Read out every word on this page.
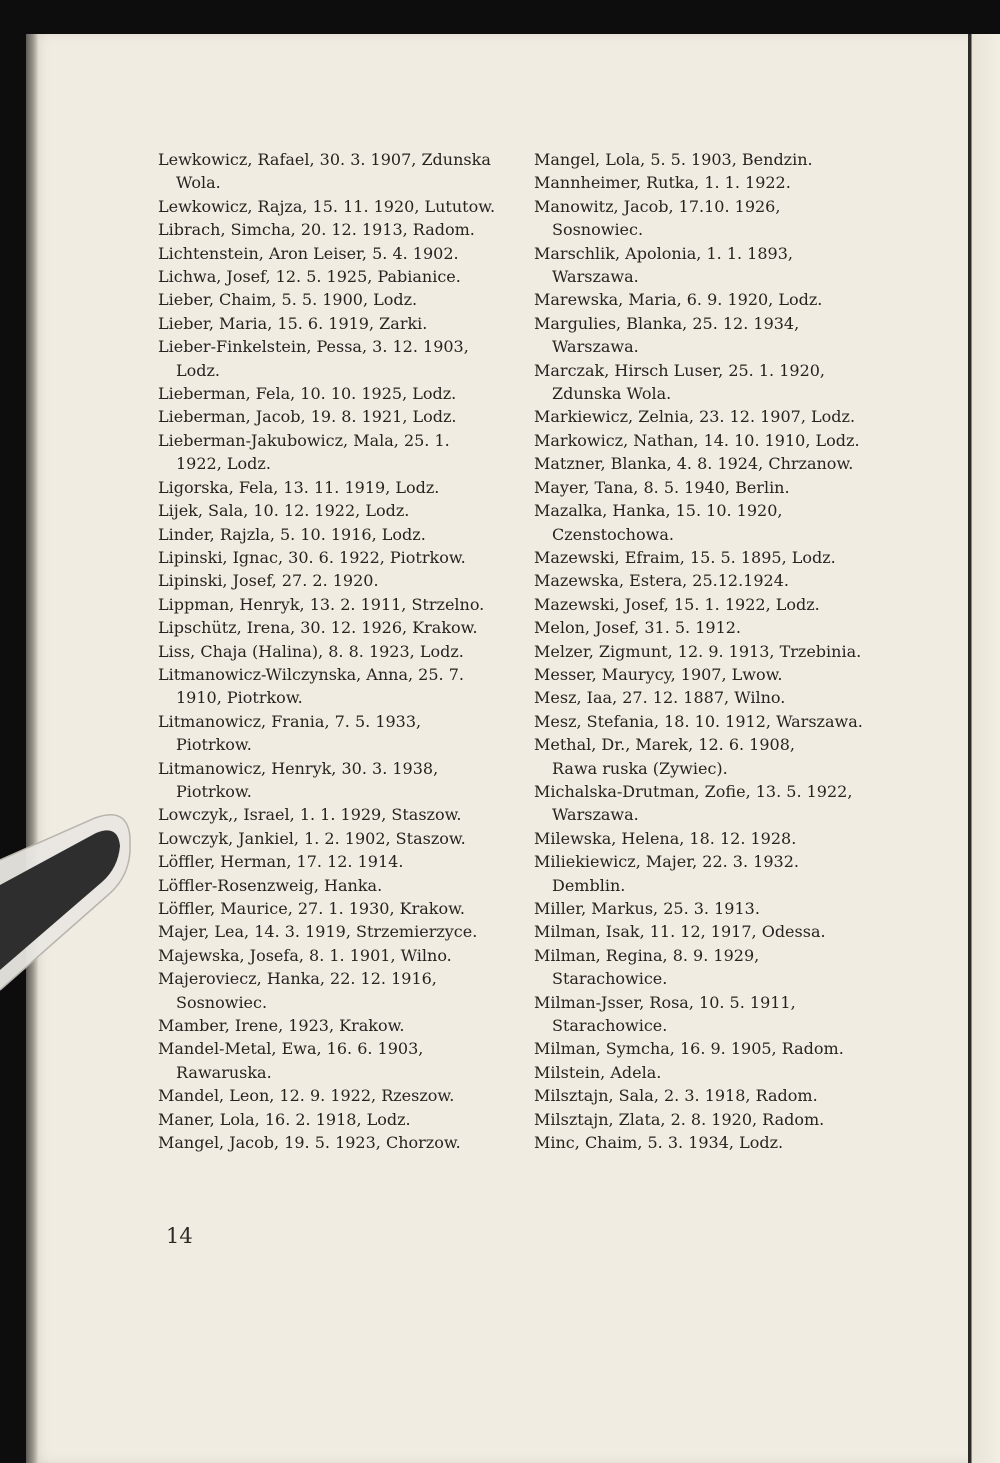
Lewkowicz, Rafael, 30. 3. 1907, Zdunska
Wola.
Lewkowicz, Rajza, 15. 11. 1920, Lututow.
Librach, Simcha, 20. 12. 1913, Radom.
Lichtenstein, Aron Leiser, 5. 4. 1902.
Lichwa, Josef, 12. 5. 1925, Pabianice.
Lieber, Chaim, 5. 5. 1900, Lodz.
Lieber, Maria, 15. 6. 1919, Zarki.
Lieber-Finkelstein, Pessa, 3. 12. 1903,
Lodz.
Lieberman, Fela, 10. 10. 1925, Lodz.
Lieberman, Jacob, 19. 8. 1921, Lodz.
Lieberman-Jakubowicz, Mala, 25. 1.
1922, Lodz.
Ligorska, Fela, 13. 11. 1919, Lodz.
Lijek, Sala, 10. 12. 1922, Lodz.
Linder, Rajzla, 5. 10. 1916, Lodz.
Lipinski, Ignac, 30. 6. 1922, Piotrkow.
Lipinski, Josef, 27. 2. 1920.
Lippman, Henryk, 13. 2. 1911, Strzelno.
Lipschütz, Irena, 30. 12. 1926, Krakow.
Liss, Chaja (Halina), 8. 8. 1923, Lodz.
Litmanowicz-Wilczynska, Anna, 25. 7.
1910, Piotrkow.
Litmanowicz, Frania, 7. 5. 1933,
Piotrkow.
Litmanowicz, Henryk, 30. 3. 1938,
Piotrkow.
Lowczyk,, Israel, 1. 1. 1929, Staszow.
Lowczyk, Jankiel, 1. 2. 1902, Staszow.
Löffler, Herman, 17. 12. 1914.
Löffler-Rosenzweig, Hanka.
Löffler, Maurice, 27. 1. 1930, Krakow.
Majer, Lea, 14. 3. 1919, Strzemierzyce.
Majewska, Josefa, 8. 1. 1901, Wilno.
Majeroviecz, Hanka, 22. 12. 1916,
Sosnowiec.
Mamber, Irene, 1923, Krakow.
Mandel-Metal, Ewa, 16. 6. 1903,
Rawaruska.
Mandel, Leon, 12. 9. 1922, Rzeszow.
Maner, Lola, 16. 2. 1918, Lodz.
Mangel, Jacob, 19. 5. 1923, Chorzow.
Mangel, Lola, 5. 5. 1903, Bendzin.
Mannheimer, Rutka, 1. 1. 1922.
Manowitz, Jacob, 17.10. 1926,
Sosnowiec.
Marschlik, Apolonia, 1. 1. 1893,
Warszawa.
Marewska, Maria, 6. 9. 1920, Lodz.
Margulies, Blanka, 25. 12. 1934,
Warszawa.
Marczak, Hirsch Luser, 25. 1. 1920,
Zdunska Wola.
Markiewicz, Zelnia, 23. 12. 1907, Lodz.
Markowicz, Nathan, 14. 10. 1910, Lodz.
Matzner, Blanka, 4. 8. 1924, Chrzanow.
Mayer, Tana, 8. 5. 1940, Berlin.
Mazalka, Hanka, 15. 10. 1920,
Czenstochowa.
Mazewski, Efraim, 15. 5. 1895, Lodz.
Mazewska, Estera, 25.12.1924.
Mazewski, Josef, 15. 1. 1922, Lodz.
Melon, Josef, 31. 5. 1912.
Melzer, Zigmunt, 12. 9. 1913, Trzebinia.
Messer, Maurycy, 1907, Lwow.
Mesz, Iaa, 27. 12. 1887, Wilno.
Mesz, Stefania, 18. 10. 1912, Warszawa.
Methal, Dr., Marek, 12. 6. 1908,
Rawa ruska (Zywiec).
Michalska-Drutman, Zofie, 13. 5. 1922,
Warszawa.
Milewska, Helena, 18. 12. 1928.
Miliekiewicz, Majer, 22. 3. 1932.
Demblin.
Miller, Markus, 25. 3. 1913.
Milman, Isak, 11. 12, 1917, Odessa.
Milman, Regina, 8. 9. 1929,
Starachowice.
Milman-Jsser, Rosa, 10. 5. 1911,
Starachowice.
Milman, Symcha, 16. 9. 1905, Radom.
Milstein, Adela.
Milsztajn, Sala, 2. 3. 1918, Radom.
Milsztajn, Zlata, 2. 8. 1920, Radom.
Minc, Chaim, 5. 3. 1934, Lodz.
14
